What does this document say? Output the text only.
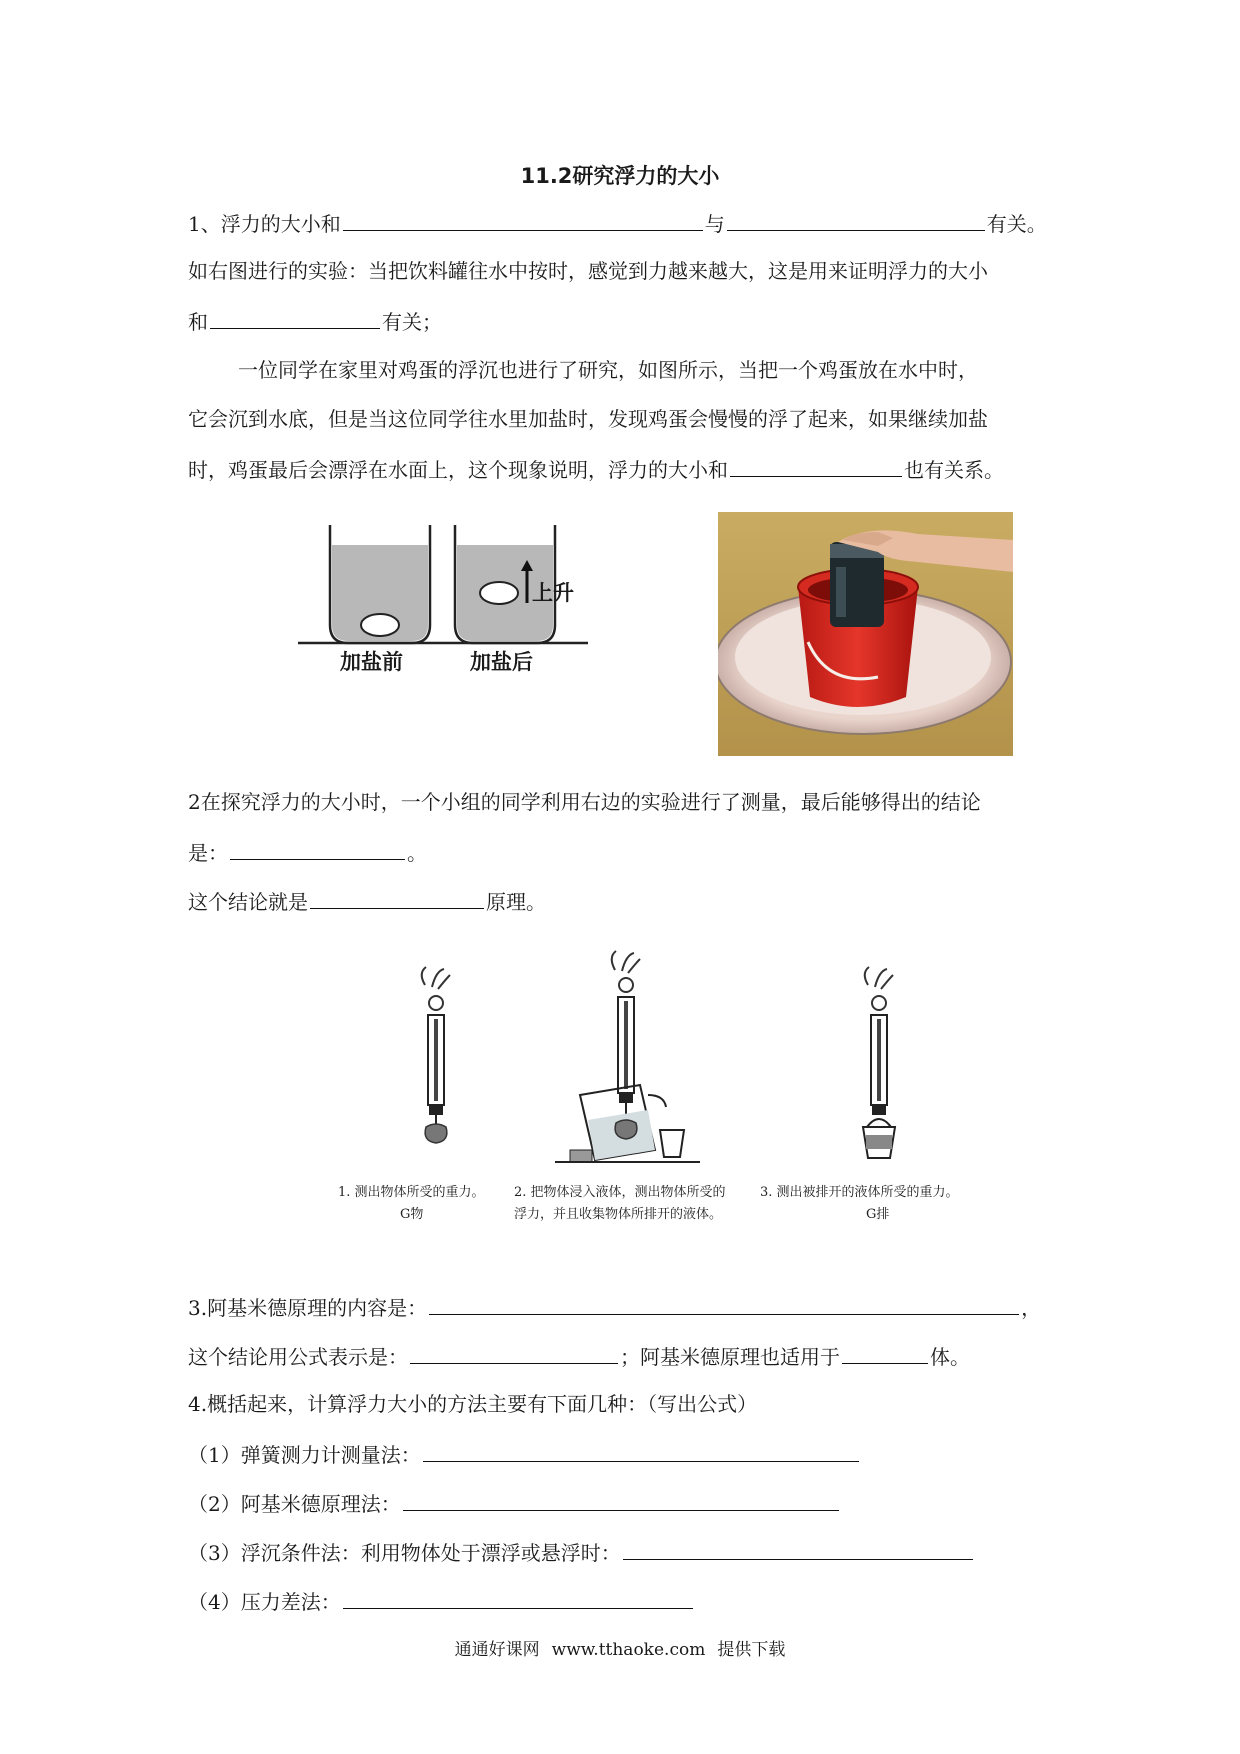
11.2研究浮力的大小
1、浮力的大小和	与	有关。
如右图进行的实验：当把饮料罐往水中按时，感觉到力越来越大，这是用来证明浮力的大小
和	有关；
一位同学在家里对鸡蛋的浮沉也进行了研究，如图所示，当把一个鸡蛋放在水中时，
它会沉到水底，但是当这位同学往水里加盐时，发现鸡蛋会慢慢的浮了起来，如果继续加盐
时，鸡蛋最后会漂浮在水面上，这个现象说明，浮力的大小和	也有关系。
上升
加盐前	加盐后
2在探究浮力的大小时，一个小组的同学利用右边的实验进行了测量，最后能够得出的结论
是：	。
这个结论就是	原理。
1. 测出物体所受的重力。
G物
2. 把物体浸入液体，测出物体所受的
浮力，并且收集物体所排开的液体。
3. 测出被排开的液体所受的重力。
G排
3.阿基米德原理的内容是：	，
这个结论用公式表示是：	；阿基米德原理也适用于	体。
4.概括起来，计算浮力大小的方法主要有下面几种：（写出公式）
（1）弹簧测力计测量法：
（2）阿基米德原理法：
（3）浮沉条件法：利用物体处于漂浮或悬浮时：
（4）压力差法：
通通好课网 www.tthaoke.com 提供下载
